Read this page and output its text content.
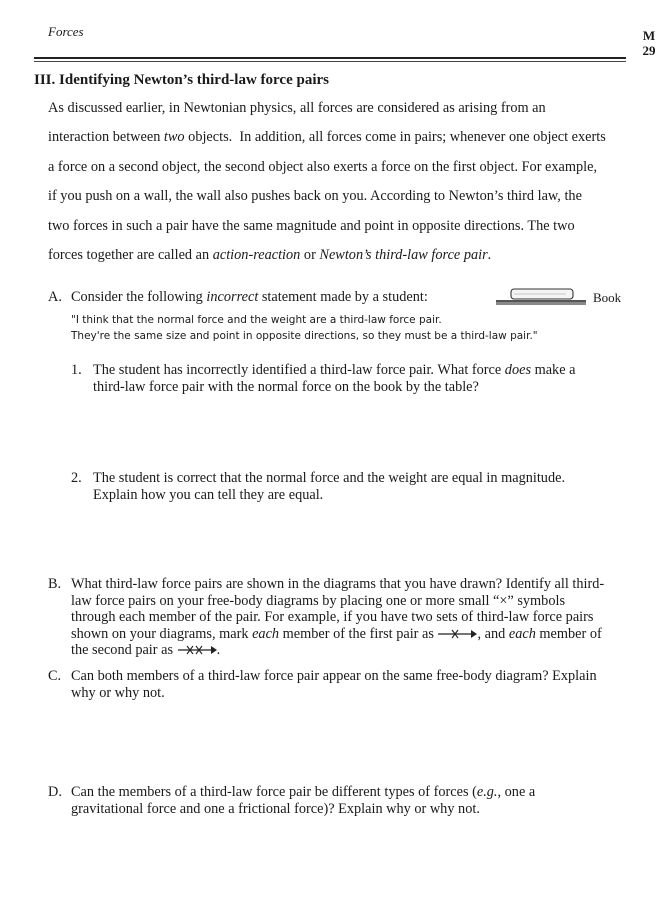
Forces	M
29
III. Identifying Newton’s third-law force pairs
As discussed earlier, in Newtonian physics, all forces are considered as arising from an
interaction between two objects.  In addition, all forces come in pairs; whenever one object exerts
a force on a second object, the second object also exerts a force on the first object. For example,
if you push on a wall, the wall also pushes back on you. According to Newton’s third law, the
two forces in such a pair have the same magnitude and point in opposite directions. The two
forces together are called an action-reaction or Newton’s third-law force pair.
A. Consider the following incorrect statement made by a student:	Book
"I think that the normal force and the weight are a third-law force pair.
They're the same size and point in opposite directions, so they must be a third-law pair."
1. The student has incorrectly identified a third-law force pair. What force does make a
third-law force pair with the normal force on the book by the table?
2. The student is correct that the normal force and the weight are equal in magnitude.
Explain how you can tell they are equal.
B. What third-law force pairs are shown in the diagrams that you have drawn? Identify all third-
law force pairs on your free-body diagrams by placing one or more small “×” symbols
through each member of the pair. For example, if you have two sets of third-law force pairs
shown on your diagrams, mark each member of the first pair as	, and each member of
the second pair as	.
C. Can both members of a third-law force pair appear on the same free-body diagram? Explain
why or why not.
D. Can the members of a third-law force pair be different types of forces (e.g., one a
gravitational force and one a frictional force)? Explain why or why not.
